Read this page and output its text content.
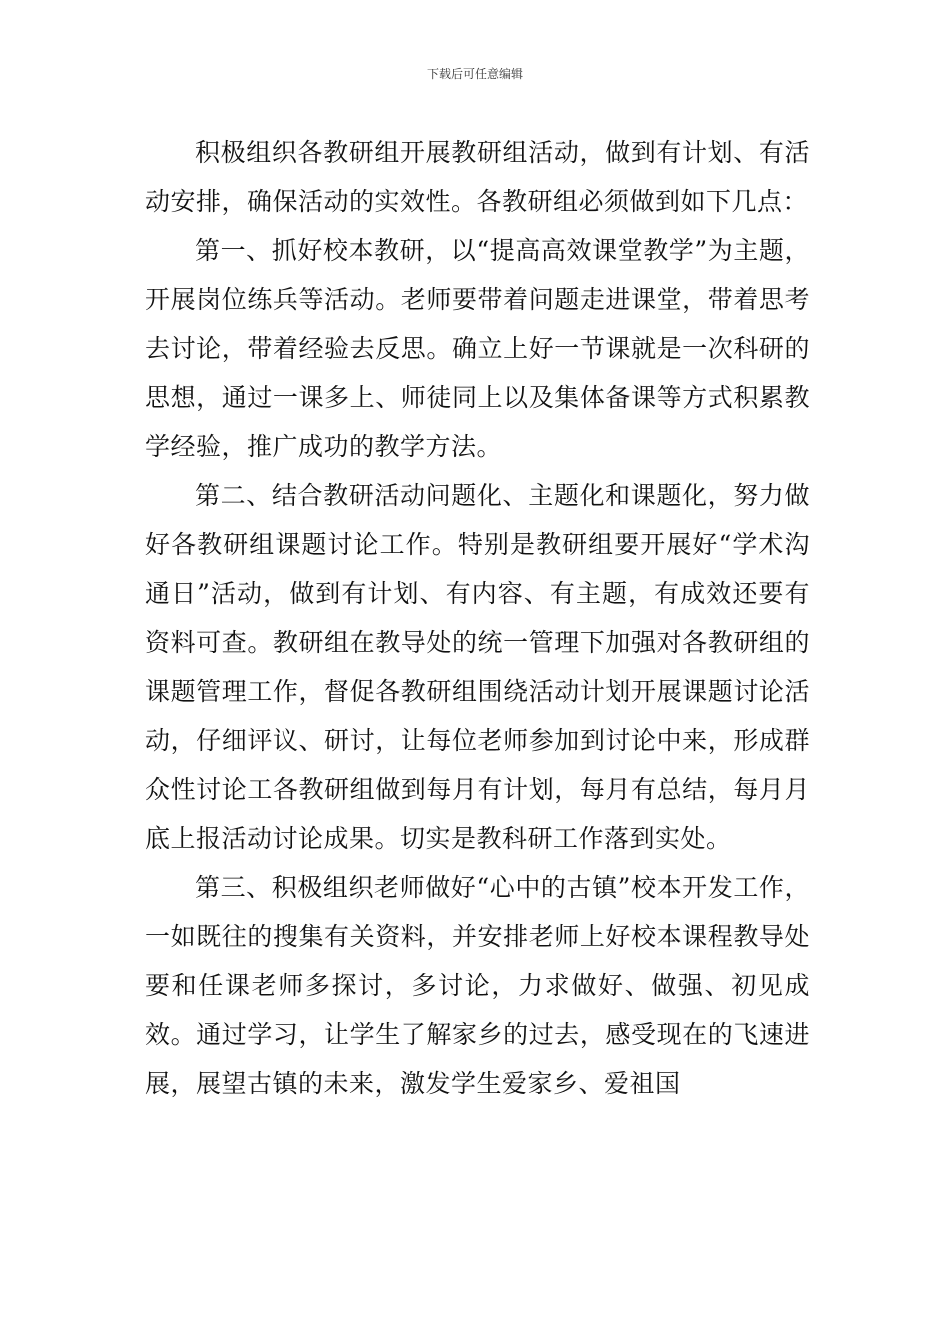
下载后可任意编辑

积极组织各教研组开展教研组活动，做到有计划、有活动安排，确保活动的实效性。各教研组必须做到如下几点：

第一、抓好校本教研，以“提高高效课堂教学”为主题，开展岗位练兵等活动。老师要带着问题走进课堂，带着思考去讨论，带着经验去反思。确立上好一节课就是一次科研的思想，通过一课多上、师徒同上以及集体备课等方式积累教学经验，推广成功的教学方法。

第二、结合教研活动问题化、主题化和课题化，努力做好各教研组课题讨论工作。特别是教研组要开展好“学术沟通日”活动，做到有计划、有内容、有主题，有成效还要有资料可查。教研组在教导处的统一管理下加强对各教研组的课题管理工作，督促各教研组围绕活动计划开展课题讨论活动，仔细评议、研讨，让每位老师参加到讨论中来，形成群众性讨论工各教研组做到每月有计划，每月有总结，每月月底上报活动讨论成果。切实是教科研工作落到实处。

第三、积极组织老师做好“心中的古镇”校本开发工作，一如既往的搜集有关资料，并安排老师上好校本课程教导处要和任课老师多探讨，多讨论，力求做好、做强、初见成效。通过学习，让学生了解家乡的过去，感受现在的飞速进展，展望古镇的未来，激发学生爱家乡、爱祖国
